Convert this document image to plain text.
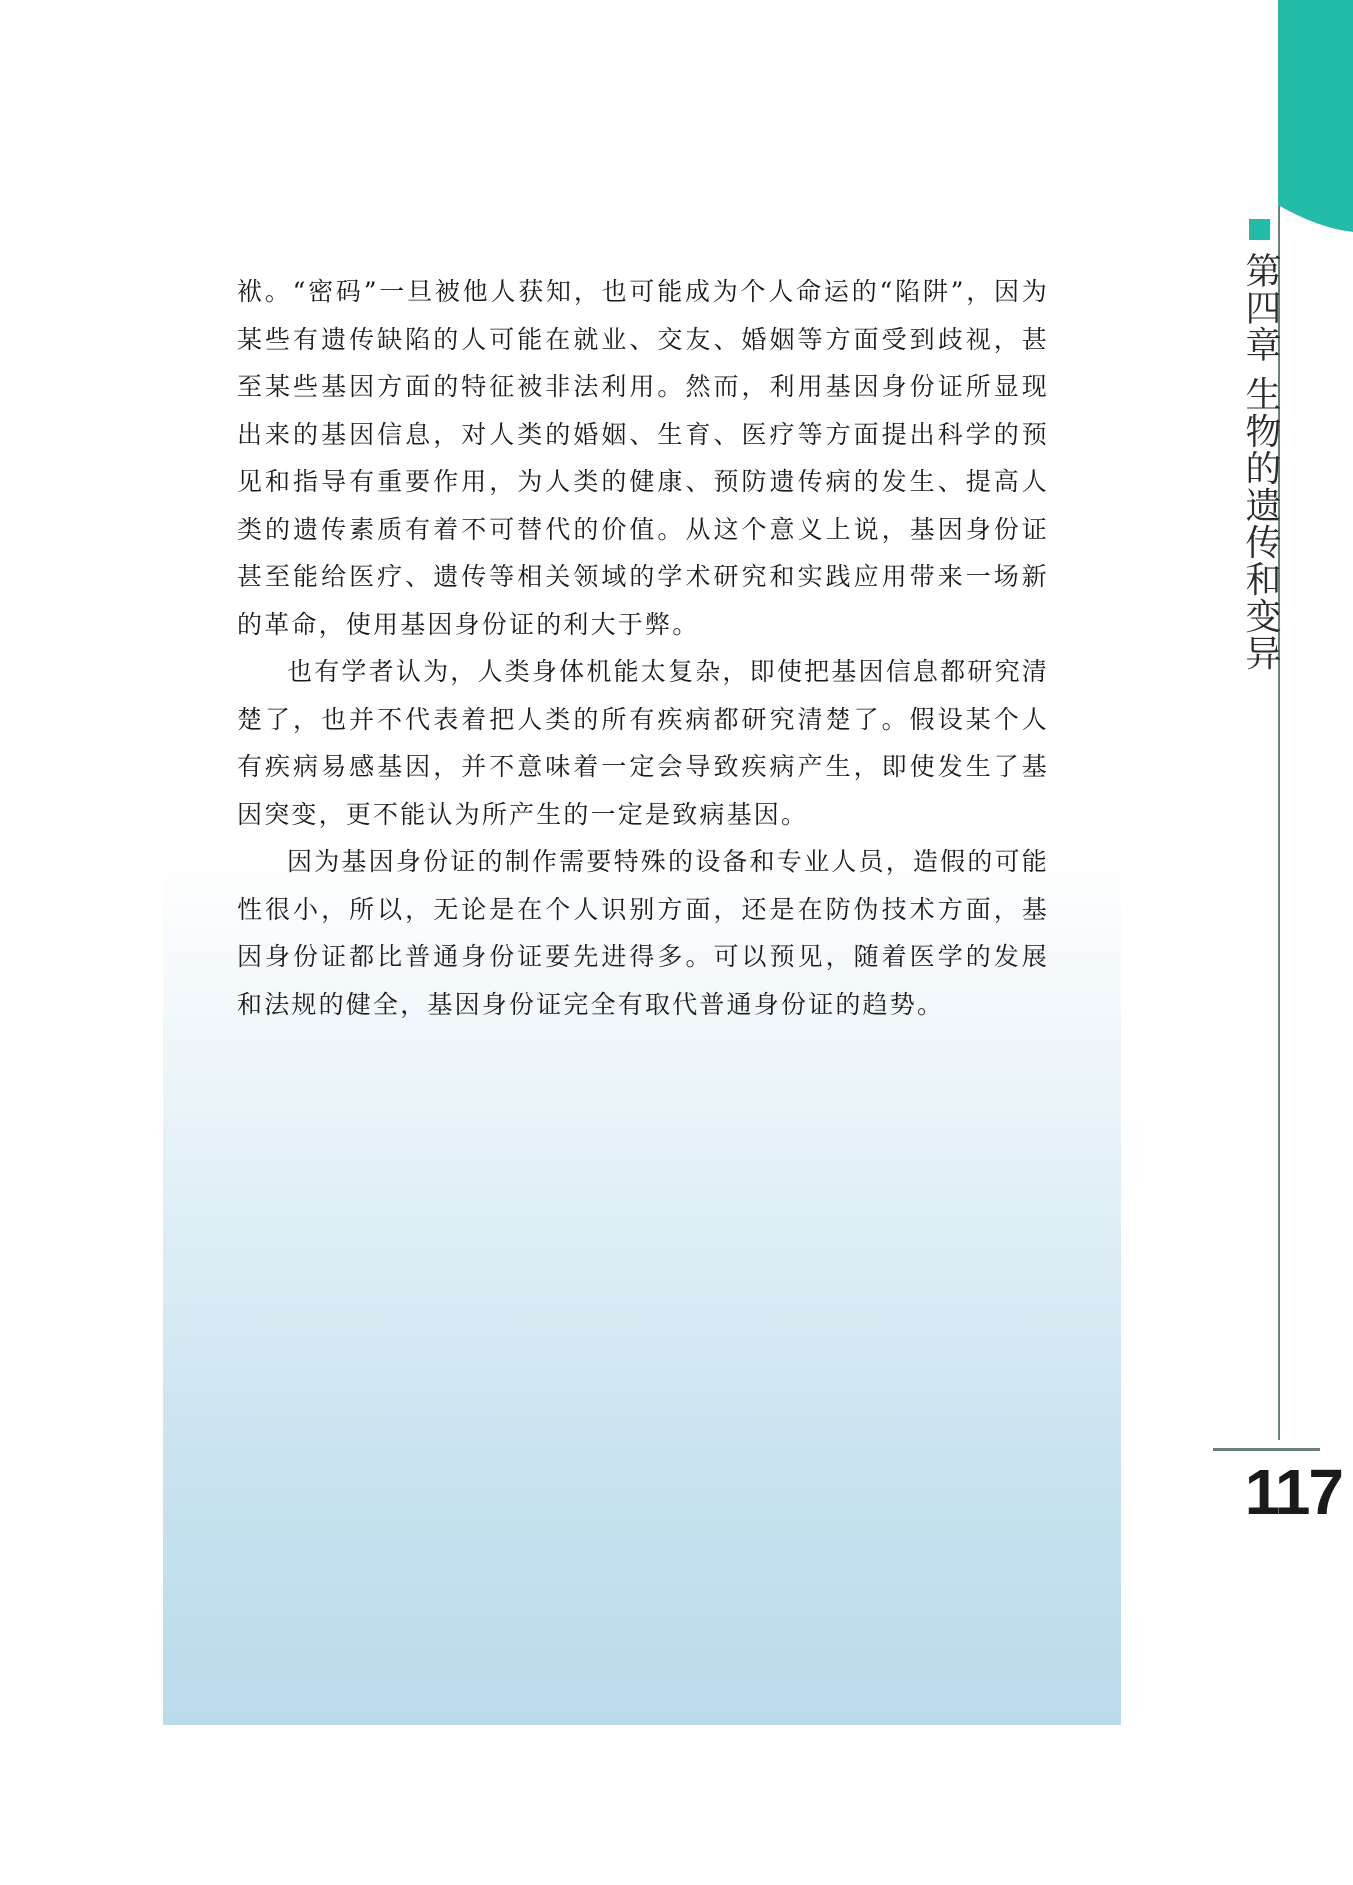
袱。“密码”一旦被他人获知，也可能成为个人命运的“陷阱”，因为某些有遗传缺陷的人可能在就业、交友、婚姻等方面受到歧视，甚至某些基因方面的特征被非法利用。然而，利用基因身份证所显现出来的基因信息，对人类的婚姻、生育、医疗等方面提出科学的预见和指导有重要作用，为人类的健康、预防遗传病的发生、提高人类的遗传素质有着不可替代的价值。从这个意义上说，基因身份证甚至能给医疗、遗传等相关领域的学术研究和实践应用带来一场新的革命，使用基因身份证的利大于弊。

也有学者认为，人类身体机能太复杂，即使把基因信息都研究清楚了，也并不代表着把人类的所有疾病都研究清楚了。假设某个人有疾病易感基因，并不意味着一定会导致疾病产生，即使发生了基因突变，更不能认为所产生的一定是致病基因。

因为基因身份证的制作需要特殊的设备和专业人员，造假的可能性很小，所以，无论是在个人识别方面，还是在防伪技术方面，基因身份证都比普通身份证要先进得多。可以预见，随着医学的发展和法规的健全，基因身份证完全有取代普通身份证的趋势。

第四章 生物的遗传和变异
117
